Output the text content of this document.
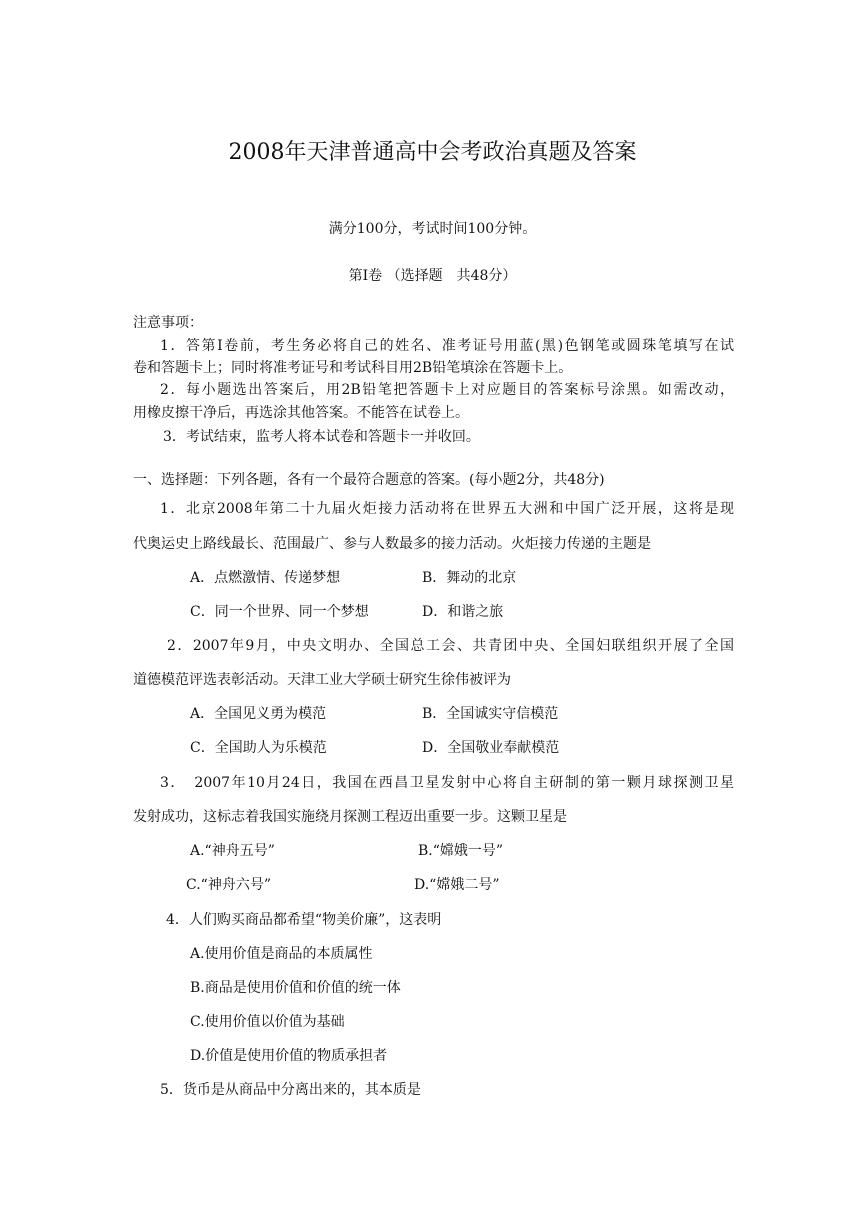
2008年天津普通高中会考政治真题及答案
满分100分，考试时间100分钟。
第Ⅰ卷 （选择题　共48分）
注意事项：
1．答第Ⅰ卷前，考生务必将自己的姓名、准考证号用蓝(黑)色钢笔或圆珠笔填写在试
卷和答题卡上；同时将准考证号和考试科目用2B铅笔填涂在答题卡上。
2．每小题选出答案后，用2B铅笔把答题卡上对应题目的答案标号涂黑。如需改动，
用橡皮擦干净后，再选涂其他答案。不能答在试卷上。
3．考试结束，监考人将本试卷和答题卡一并收回。
一、选择题：下列各题，各有一个最符合题意的答案。(每小题2分，共48分)
1．北京2008年第二十九届火炬接力活动将在世界五大洲和中国广泛开展，这将是现
代奥运史上路线最长、范围最广、参与人数最多的接力活动。火炬接力传递的主题是
A．点燃激情、传递梦想	B．舞动的北京
C．同一个世界、同一个梦想	D．和谐之旅
2．2007年9月，中央文明办、全国总工会、共青团中央、全国妇联组织开展了全国
道德模范评选表彰活动。天津工业大学硕士研究生徐伟被评为
A．全国见义勇为模范	B．全国诚实守信模范
C．全国助人为乐模范	D．全国敬业奉献模范
3．　2007年10月24日，我国在西昌卫星发射中心将自主研制的第一颗月球探测卫星
发射成功，这标志着我国实施绕月探测工程迈出重要一步。这颗卫星是
A.“神舟五号”	B.“嫦娥一号”
C.“神舟六号”	D.“嫦娥二号”
4．人们购买商品都希望“物美价廉”，这表明
A.使用价值是商品的本质属性
B.商品是使用价值和价值的统一体
C.使用价值以价值为基础
D.价值是使用价值的物质承担者
5．货币是从商品中分离出来的，其本质是
